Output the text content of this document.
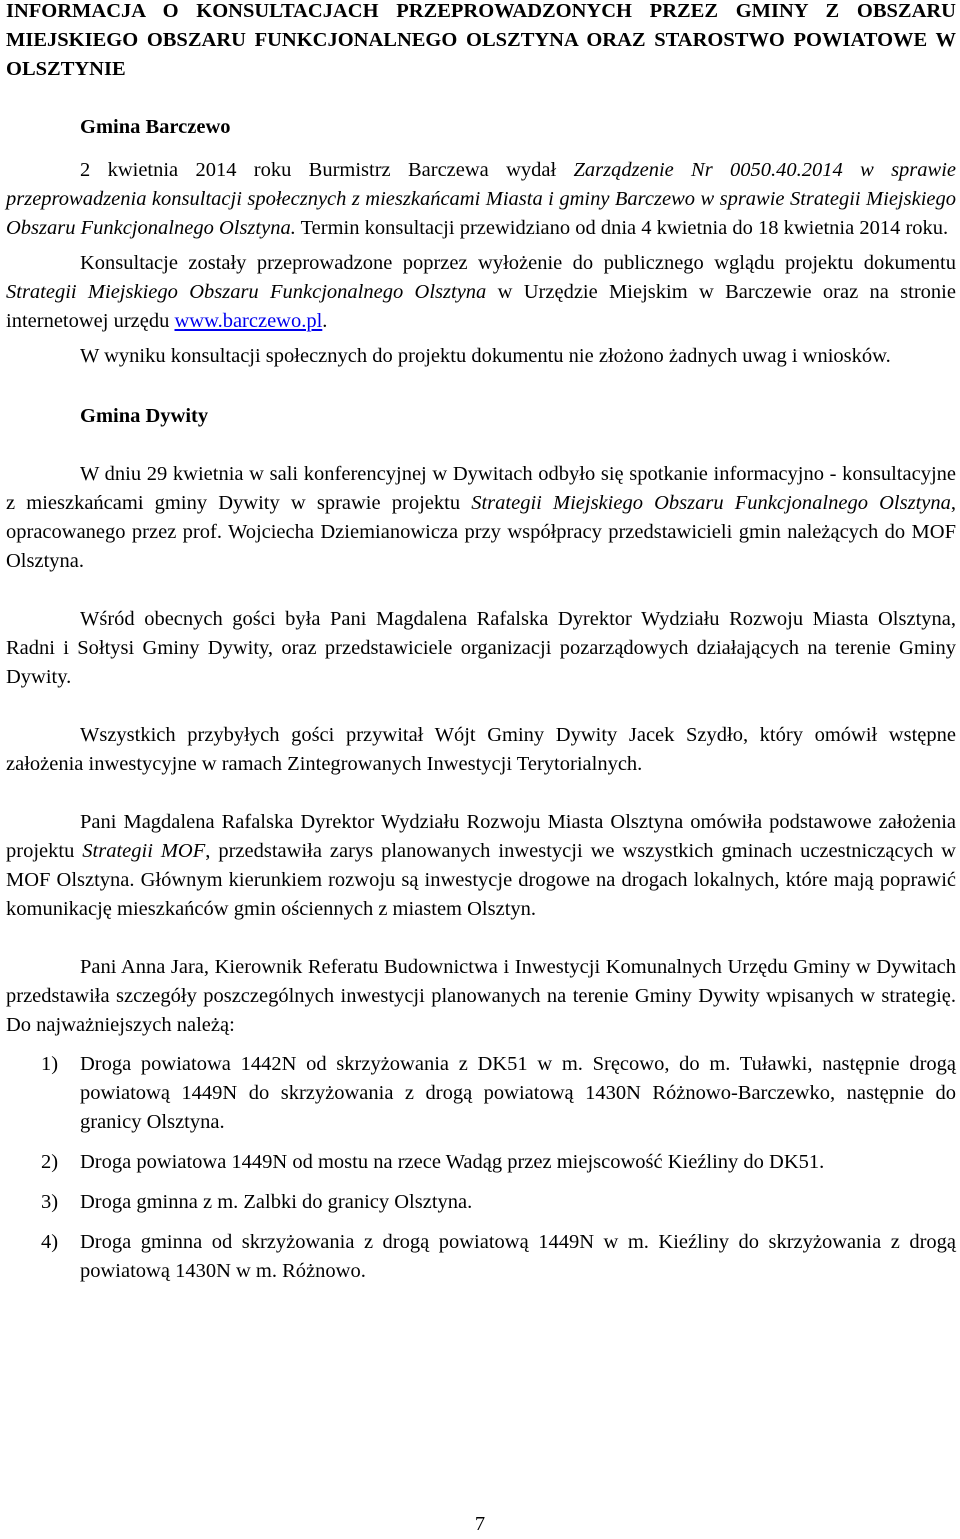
INFORMACJA O KONSULTACJACH PRZEPROWADZONYCH PRZEZ GMINY Z OBSZARU MIEJSKIEGO OBSZARU FUNKCJONALNEGO OLSZTYNA ORAZ STAROSTWO POWIATOWE W OLSZTYNIE

Gmina Barczewo

2 kwietnia 2014 roku Burmistrz Barczewa wydał Zarządzenie Nr 0050.40.2014 w sprawie przeprowadzenia konsultacji społecznych z mieszkańcami Miasta i gminy Barczewo w sprawie Strategii Miejskiego Obszaru Funkcjonalnego Olsztyna. Termin konsultacji przewidziano od dnia 4 kwietnia do 18 kwietnia 2014 roku.

Konsultacje zostały przeprowadzone poprzez wyłożenie do publicznego wglądu projektu dokumentu Strategii Miejskiego Obszaru Funkcjonalnego Olsztyna w Urzędzie Miejskim w Barczewie oraz na stronie internetowej urzędu www.barczewo.pl.

W wyniku konsultacji społecznych do projektu dokumentu nie złożono żadnych uwag i wniosków.

Gmina Dywity

W dniu 29 kwietnia w sali konferencyjnej w Dywitach odbyło się spotkanie informacyjno - konsultacyjne z mieszkańcami gminy Dywity w sprawie projektu Strategii Miejskiego Obszaru Funkcjonalnego Olsztyna, opracowanego przez prof. Wojciecha Dziemianowicza przy współpracy przedstawicieli gmin należących do MOF Olsztyna.

Wśród obecnych gości była Pani Magdalena Rafalska Dyrektor Wydziału Rozwoju Miasta Olsztyna, Radni i Sołtysi Gminy Dywity, oraz przedstawiciele organizacji pozarządowych działających na terenie Gminy Dywity.

Wszystkich przybyłych gości przywitał Wójt Gminy Dywity Jacek Szydło, który omówił wstępne założenia inwestycyjne w ramach Zintegrowanych Inwestycji Terytorialnych.

Pani Magdalena Rafalska Dyrektor Wydziału Rozwoju Miasta Olsztyna omówiła podstawowe założenia projektu Strategii MOF, przedstawiła zarys planowanych inwestycji we wszystkich gminach uczestniczących w MOF Olsztyna. Głównym kierunkiem rozwoju są inwestycje drogowe na drogach lokalnych, które mają poprawić komunikację mieszkańców gmin ościennych z miastem Olsztyn.

Pani Anna Jara, Kierownik Referatu Budownictwa i Inwestycji Komunalnych Urzędu Gminy w Dywitach przedstawiła szczegóły poszczególnych inwestycji planowanych na terenie Gminy Dywity wpisanych w strategię. Do najważniejszych należą:

1) Droga powiatowa 1442N od skrzyżowania z DK51 w m. Sręcowo, do m. Tuławki, następnie drogą powiatową 1449N do skrzyżowania z drogą powiatową 1430N Różnowo-Barczewko, następnie do granicy Olsztyna.
2) Droga powiatowa 1449N od mostu na rzece Wadąg przez miejscowość Kieźliny do DK51.
3) Droga gminna z m. Zalbki do granicy Olsztyna.
4) Droga gminna od skrzyżowania z drogą powiatową 1449N w m. Kieźliny do skrzyżowania z drogą powiatową 1430N w m. Różnowo.
7
